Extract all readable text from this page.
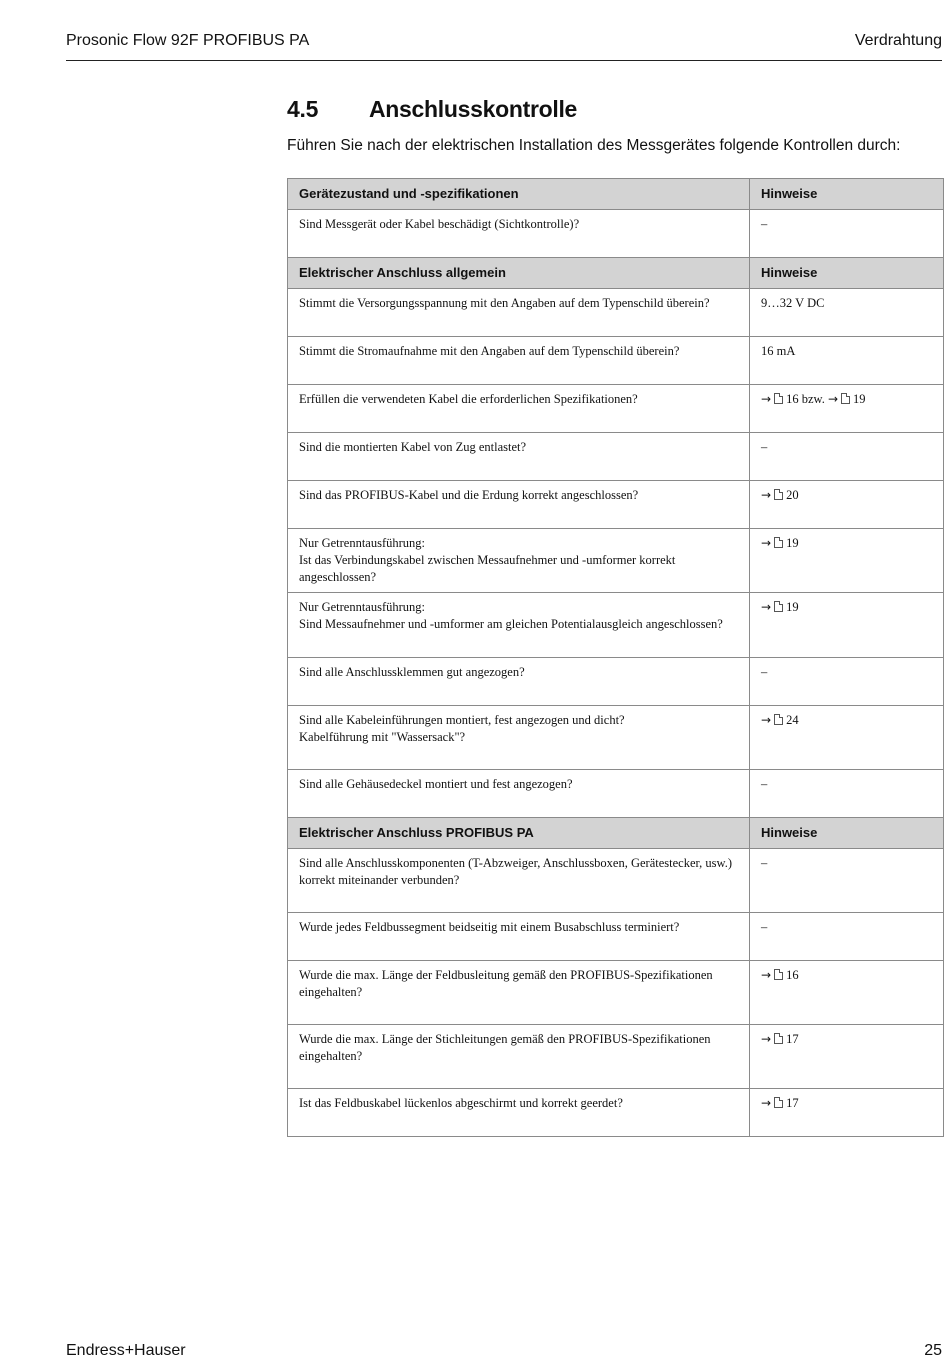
Prosonic Flow 92F PROFIBUS PA	Verdrahtung
4.5 Anschlusskontrolle
Führen Sie nach der elektrischen Installation des Messgerätes folgende Kontrollen durch:
Gerätezustand und -spezifikationen	Hinweise
Sind Messgerät oder Kabel beschädigt (Sichtkontrolle)?	–
Elektrischer Anschluss allgemein	Hinweise
Stimmt die Versorgungsspannung mit den Angaben auf dem Typenschild überein?	9…32 V DC
Stimmt die Stromaufnahme mit den Angaben auf dem Typenschild überein?	16 mA
Erfüllen die verwendeten Kabel die erforderlichen Spezifikationen?	→ 16 bzw. → 19
Sind die montierten Kabel von Zug entlastet?	–
Sind das PROFIBUS-Kabel und die Erdung korrekt angeschlossen?	→ 20
Nur Getrenntausführung:
Ist das Verbindungskabel zwischen Messaufnehmer und -umformer korrekt angeschlossen?	→ 19
Nur Getrenntausführung:
Sind Messaufnehmer und -umformer am gleichen Potentialausgleich angeschlossen?	→ 19
Sind alle Anschlussklemmen gut angezogen?	–
Sind alle Kabeleinführungen montiert, fest angezogen und dicht?
Kabelführung mit "Wassersack"?	→ 24
Sind alle Gehäusedeckel montiert und fest angezogen?	–
Elektrischer Anschluss PROFIBUS PA	Hinweise
Sind alle Anschlusskomponenten (T-Abzweiger, Anschlussboxen, Gerätestecker, usw.) korrekt miteinander verbunden?	–
Wurde jedes Feldbussegment beidseitig mit einem Busabschluss terminiert?	–
Wurde die max. Länge der Feldbusleitung gemäß den PROFIBUS-Spezifikationen eingehalten?	→ 16
Wurde die max. Länge der Stichleitungen gemäß den PROFIBUS-Spezifikationen eingehalten?	→ 17
Ist das Feldbuskabel lückenlos abgeschirmt und korrekt geerdet?	→ 17
Endress+Hauser	25
